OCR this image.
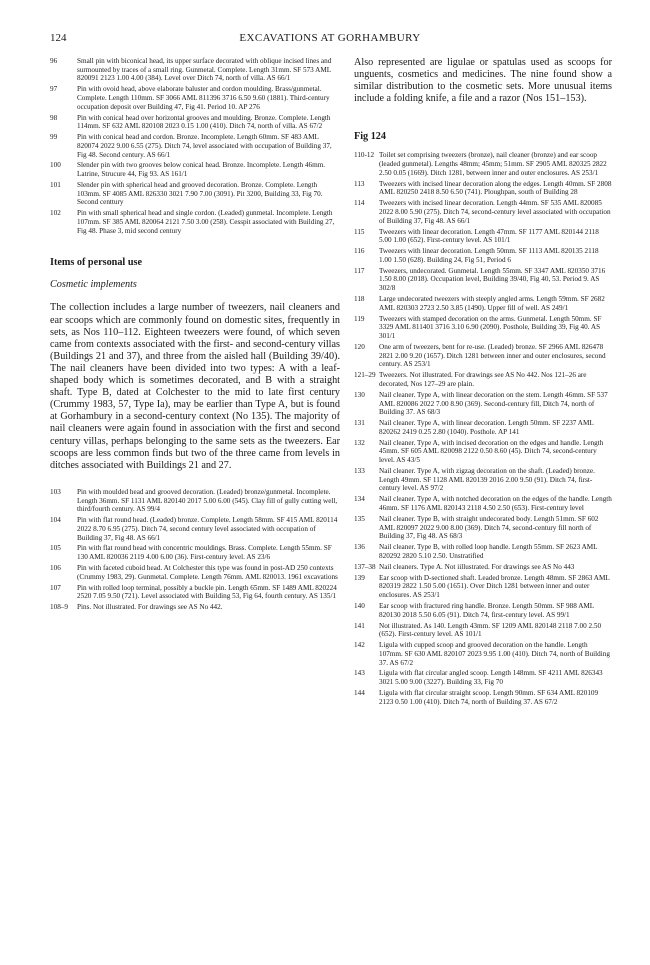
124	EXCAVATIONS AT GORHAMBURY
96	Small pin with biconical head, its upper surface decorated with oblique incised lines and surmounted by traces of a small ring. Gunmetal. Complete. Length 31mm. SF 573 AML 820091 2123 1.00 4.00 (384). Level over Ditch 74, north of villa. AS 66/1
97	Pin with ovoid head, above elaborate baluster and cordon moulding. Brass/gunmetal. Complete. Length 110mm. SF 3066 AML 811396 3716 6.50 9.60 (1881). Third-century occupation deposit over Building 47, Fig 41. Period 10. AP 276
98	Pin with conical head over horizontal grooves and moulding. Bronze. Complete. Length 114mm. SF 632 AML 820108 2023 0.15 1.00 (410). Ditch 74, north of villa. AS 67/2
99	Pin with conical head and cordon. Bronze. Incomplete. Length 60mm. SF 483 AML 820074 2022 9.00 6.55 (275). Ditch 74, level associated with occupation of Building 37, Fig 48. Second century. AS 66/1
100	Slender pin with two grooves below conical head. Bronze. Incomplete. Length 46mm. Latrine, Strucure 44, Fig 93. AS 161/1
101	Slender pin with spherical head and grooved decoration. Bronze. Complete. Length 103mm. SF 4085 AML 826330 3021 7.90 7.00 (3091). Pit 3200, Building 33, Fig 70. Second centtury
102	Pin with small spherical head and single cordon. (Leaded) gunmetal. Incomplete. Length 107mm. SF 385 AML 820064 2121 7.50 3.00 (258). Cesspit associated with Building 27, Fig 48. Phase 3, mid second century

Items of personal use

Cosmetic implements

The collection includes a large number of tweezers, nail cleaners and ear scoops which are commonly found on domestic sites, frequently in sets, as Nos 110–112. Eighteen tweezers were found, of which seven came from contexts associated with the first- and second-century villas (Buildings 21 and 37), and three from the aisled hall (Building 39/40). The nail cleaners have been divided into two types: A with a leaf-shaped body which is sometimes decorated, and B with a straight shaft. Type B, dated at Colchester to the mid to late first century (Crummy 1983, 57, Type Ia), may be earlier than Type A, but is found at Gorhambury in a second-century context (No 135). The majority of nail cleaners were again found in association with the first and second century villas, perhaps belonging to the same sets as the tweezers. Ear scoops are less common finds but two of the three came from levels in ditches associated with Buildings 21 and 27.

103	Pin with moulded head and grooved decoration. (Leaded) bronze/gunmetal. Incomplete. Length 36mm. SF 1131 AML 820140 2017 5.00 6.00 (545). Clay fill of gully cutting well, third/fourth century. AS 99/4
104	Pin with flat round head. (Leaded) bronze. Complete. Length 58mm. SF 415 AML 820114 2022 8.70 6.95 (275). Ditch 74, second century level associated with occupation of Building 37, Fig 48. AS 66/1
105	Pin with flat round head with concentric mouldings. Brass. Complete. Length 55mm. SF 130 AML 820036 2119 4.00 6.00 (36). First-century level. AS 23/6
106	Pin with faceted cuboid head. At Colchester this type was found in post-AD 250 contexts (Crummy 1983, 29). Gunmetal. Complete. Length 76mm. AML 820013. 1961 excavations
107	Pin with rolled loop terminal, possibly a buckle pin. Length 65mm. SF 1489 AML 820224 2520 7.05 9.50 (721). Level associated with Building 53, Fig 64, fourth century. AS 135/1
108–9	Pins. Not illustrated. For drawings see AS No 442.

Also represented are ligulae or spatulas used as scoops for unguents, cosmetics and medicines. The nine found show a similar distribution to the cosmetic sets. More unusual items include a folding knife, a file and a razor (Nos 151–153).

Fig 124

110-12 Toilet set comprising tweezers (bronze), nail cleaner (bronze) and ear scoop (leaded gunmetal). Lengths 48mm; 45mm; 51mm. SF 2905 AML 820325 2822 2.50 0.05 (1669). Ditch 1281, between inner and outer enclosures. AS 253/1
113	Tweezers with incised linear decoration along the edges. Length 40mm. SF 2808 AML 820250 2418 8.50 6.50 (741). Ploughpan, south of Building 28
114	Tweezers with incised linear decoration. Length 44mm. SF 535 AML 820085 2022 8.00 5.90 (275). Ditch 74, second-century level associated with occupation of Building 37, Fig 48. AS 66/1
115	Tweezers with linear decoration. Length 47mm. SF 1177 AML 820144 2118 5.00 1.00 (652). First-century level. AS 101/1
116	Tweezers with linear decoration. Length 50mm. SF 1113 AML 820135 2118 1.00 1.50 (628). Building 24, Fig 51, Period 6
117	Tweezers, undecorated. Gunmetal. Length 55mm. SF 3347 AML 820350 3716 1.50 8.00 (2018). Occupation level, Building 39/40, Fig 40, 53. Period 9. AS 302/8
118	Large undecorated tweezers with steeply angled arms. Length 59mm. SF 2682 AML 820303 2723 2.50 3.85 (1490). Upper fill of well. AS 249/1
119	Tweezers with stamped decoration on the arms. Gunmetal. Length 50mm. SF 3329 AML 811401 3716 3.10 6.90 (2090). Posthole, Building 39, Fig 40. AS 301/1
120	One arm of tweezers, bent for re-use. (Leaded) bronze. SF 2966 AML 826478 2821 2.00 9.20 (1657). Ditch 1281 between inner and outer enclosures, second century. AS 253/1
121–29 Tweezers. Not illustrated. For drawings see AS No 442. Nos 121–26 are decorated, Nos 127–29 are plain.
130	Nail cleaner. Type A, with linear decoration on the stem. Length 46mm. SF 537 AML 820086 2022 7.00 8.90 (369). Second-century fill, Ditch 74, north of Building 37. AS 68/3
131	Nail cleaner. Type A, with linear decoration. Length 50mm. SF 2237 AML 820262 2419 0.25 2.80 (1040). Posthole. AP 141
132	Nail cleaner. Type A, with incised decoration on the edges and handle. Length 45mm. SF 605 AML 820098 2122 0.50 8.60 (45). Ditch 74, second-century level. AS 43/5
133	Nail cleaner. Type A, with zigzag decoration on the shaft. (Leaded) bronze. Length 49mm. SF 1128 AML 820139 2016 2.00 9.50 (91). Ditch 74, first-century level. AS 97/2
134	Nail cleaner. Type A, with notched decoration on the edges of the handle. Length 46mm. SF 1176 AML 820143 2118 4.50 2.50 (653). First-century level
135	Nail cleaner. Type B, with straight undecorated body. Length 51mm. SF 602 AML 820097 2022 9.00 8.00 (369). Ditch 74, second-century fill north of Building 37, Fig 48. AS 68/3
136	Nail cleaner. Type B, with rolled loop handle. Length 55mm. SF 2623 AML 820292 2820 5.10 2.50. Unstratified
137–38 Nail cleaners. Type A. Not iillustrated. For drawings see AS No 443
139	Ear scoop with D-sectioned shaft. Leaded bronze. Length 48mm. SF 2863 AML 820319 2822 1.50 5.00 (1651). Over Ditch 1281 between inner and outer enclosures. AS 253/1
140	Ear scoop with fractured ring handle. Bronze. Length 50mm. SF 988 AML 820130 2018 5.50 6.05 (91). Ditch 74, first-century level. AS 99/1
141	Not illustrated. As 140. Length 43mm. SF 1209 AML 820148 2118 7.00 2.50 (652). First-century level. AS 101/1
142	Ligula with cupped scoop and grooved decoration on the handle. Length 107mm. SF 630 AML 820107 2023 9.95 1.00 (410). Ditch 74, north of Building 37. AS 67/2
143	Ligula with flat circular angled scoop. Length 148mm. SF 4211 AML 826343 3021 5.00 9.00 (3227). Building 33, Fig 70
144	Ligula with flat circular straight scoop. Length 90mm. SF 634 AML 820109 2123 0.50 1.00 (410). Ditch 74, north of Building 37. AS 67/2
